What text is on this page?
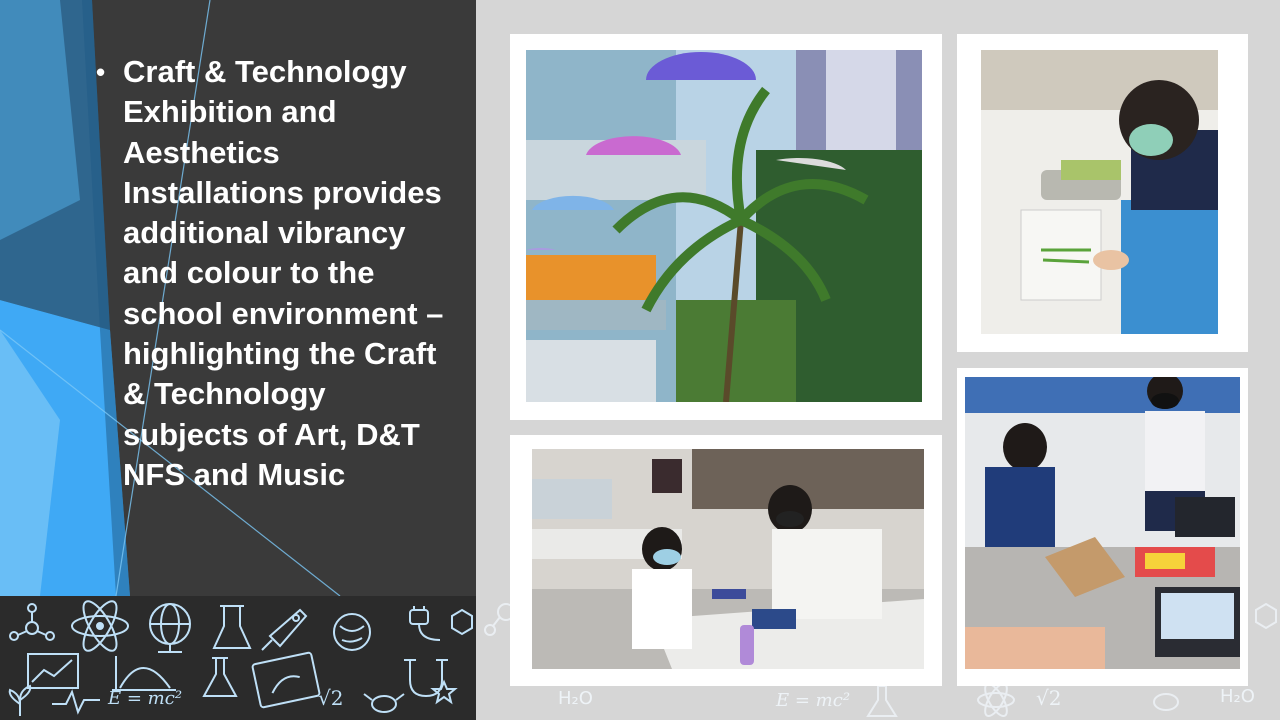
• Craft & Technology Exhibition and Aesthetics Installations provides additional vibrancy and colour to the school environment – highlighting the Craft & Technology subjects of Art, D&T NFS and Music
E = mc²	√2	H₂O	E = mc²	√2	H₂O
